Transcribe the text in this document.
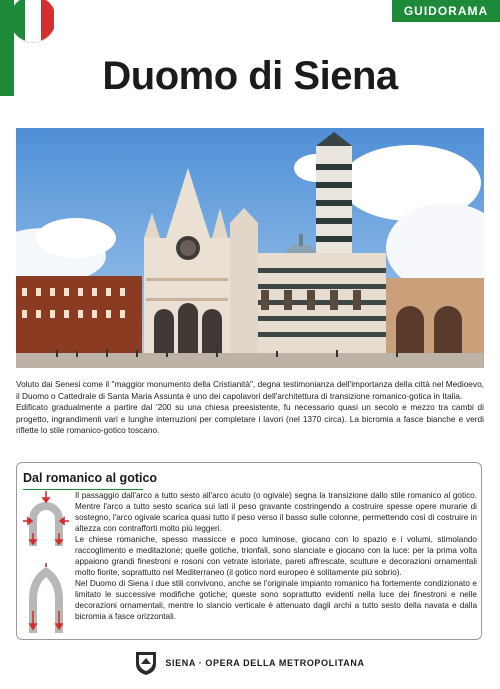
GUIDORAMA
Duomo di Siena

Voluto dai Senesi come il "maggior monumento della Cristianità", degna testimonianza dell'importanza della città nel Medioevo, il Duomo o Cattedrale di Santa Maria Assunta è uno dei capolavori dell'architettura di transizione romanico-gotica in Italia.

Edificato gradualmente a partire dal '200 su una chiesa preesistente, fu necessario quasi un secolo e mezzo tra cambi di progetto, ingrandimenti vari e lunghe interruzioni per completare i lavori (nel 1370 circa). La bicromia a fasce bianche e verdi riflette lo stile romanico-gotico toscano.

Dal romanico al gotico

Il passaggio dall'arco a tutto sesto all'arco acuto (o ogivale) segna la transizione dallo stile romanico al gotico. Mentre l'arco a tutto sesto scarica sui lati il peso gravante costringendo a costruire spesse opere murarie di sostegno, l'arco ogivale scarica quasi tutto il peso verso il basso sulle colonne, permettendo così di costruire in altezza con contrafforti molto più leggeri.

Le chiese romaniche, spesso massicce e poco luminose, giocano con lo spazio e i volumi, stimolando raccoglimento e meditazione; quelle gotiche, trionfali, sono slanciate e giocano con la luce: per la prima volta appaiono grandi finestroni e rosoni con vetrate istoriate, pareti affrescate, sculture e decorazioni ornamentali molto fiorite, soprattutto nel Mediterraneo (il gotico nord europeo è solitamente più sobrio).

Nel Duomo di Siena i due stili convivono, anche se l'originale impianto romanico ha fortemente condizionato e limitato le successive modifiche gotiche; queste sono soprattutto evidenti nella luce dei finestroni e nelle decorazioni ornamentali, mentre lo slancio verticale è attenuato dagli archi a tutto sesto della navata e dalla bicromia a fasce orizzontali.

SIENA · OPERA DELLA METROPOLITANA
